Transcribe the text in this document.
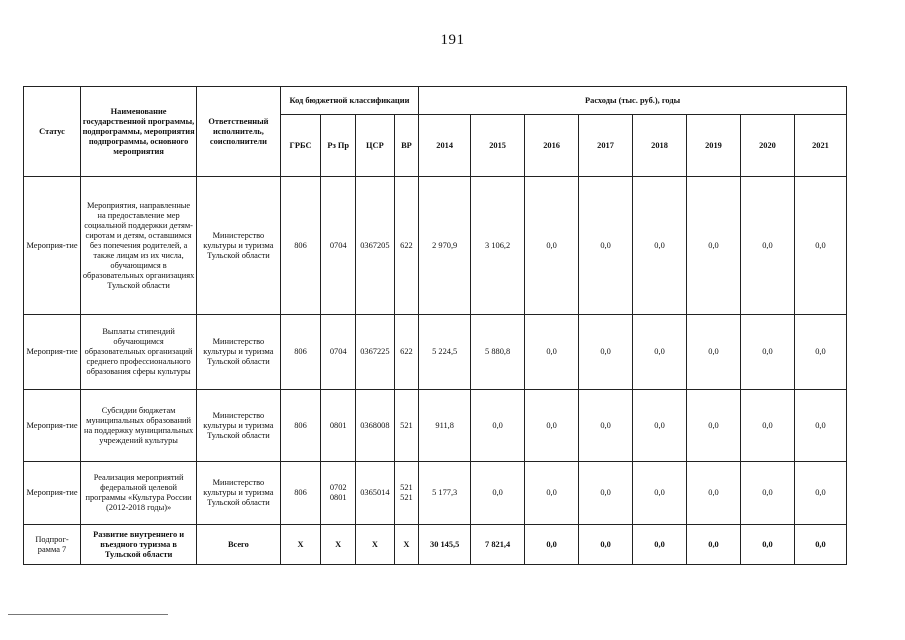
191
Статус	Наименование государственной программы, подпрограммы, мероприятия подпрограммы, основного мероприятия	Ответственный исполнитель, соисполнители	Код бюджетной классификации				Расходы (тыс. руб.), годы							
			ГРБС	Рз Пр	ЦСР	ВР	2014	2015	2016	2017	2018	2019	2020	2021
Мероприя-тие	Мероприятия, направленные на предоставление мер социальной поддержки детям-сиротам и детям, оставшимся без попечения родителей, а также лицам из их числа, обучающимся в образовательных организациях Тульской области	Министерство культуры и туризма Тульской области	806	0704	0367205	622	2 970,9	3 106,2	0,0	0,0	0,0	0,0	0,0	0,0
Мероприя-тие	Выплаты стипендий обучающимся образовательных организаций среднего профессионального образования сферы культуры	Министерство культуры и туризма Тульской области	806	0704	0367225	622	5 224,5	5 880,8	0,0	0,0	0,0	0,0	0,0	0,0
Мероприя-тие	Субсидии бюджетам муниципальных образований на поддержку муниципальных учреждений культуры	Министерство культуры и туризма Тульской области	806	0801	0368008	521	911,8	0,0	0,0	0,0	0,0	0,0	0,0	0,0
Мероприя-тие	Реализация мероприятий федеральной целевой программы «Культура России (2012-2018 годы)»	Министерство культуры и туризма Тульской области	806	0702 0801	0365014	521 521	5 177,3	0,0	0,0	0,0	0,0	0,0	0,0	0,0
Подпрог-рамма 7	Развитие внутреннего и въездного туризма в Тульской области	Всего	X	X	X	X	30 145,5	7 821,4	0,0	0,0	0,0	0,0	0,0	0,0
